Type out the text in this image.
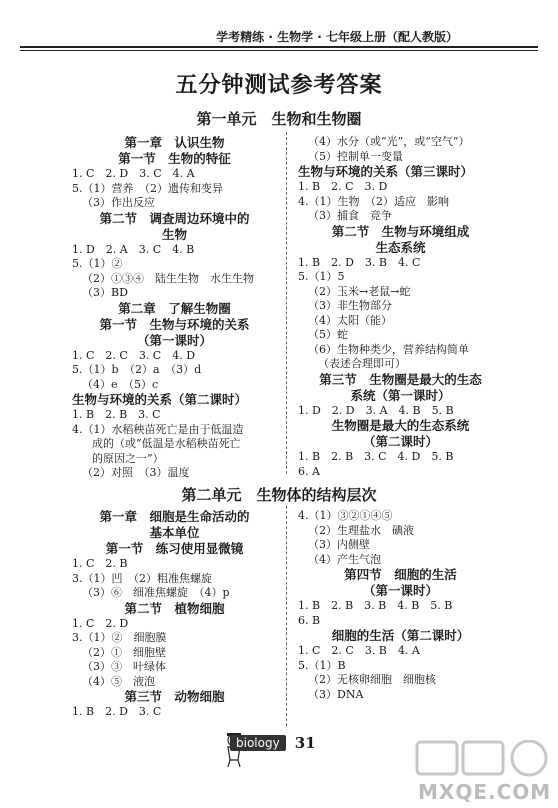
学考精练 · 生物学 · 七年级上册（配人教版）
五分钟测试参考答案
第一单元　生物和生物圈
第一章　认识生物
第一节　生物的特征
1. C　2. D　3. C　4. A
5.（1）营养　（2）遗传和变异
（3）作出反应
第二节　调查周边环境中的
生物
1. D　2. A　3. C　4. B
5.（1）②
（2）①③④　陆生生物　水生生物
（3）BD
第二章　了解生物圈
第一节　生物与环境的关系
（第一课时）
1. C　2. C　3. C　4. D
5.（1）b　（2）a　（3）d
（4）e　（5）c
生物与环境的关系（第二课时）
1. B　2. B　3. C
4.（1）水稻秧苗死亡是由于低温造
成的（或“低温是水稻秧苗死亡
的原因之一”）
（2）对照　（3）温度
（4）水分（或“光”，或“空气”）
（5）控制单一变量
生物与环境的关系（第三课时）
1. B　2. C　3. D
4.（1）生物　（2）适应　影响
（3）捕食　竞争
第二节　生物与环境组成
生态系统
1. B　2. D　3. B　4. C
5.（1）5
（2）玉米→老鼠→蛇
（3）非生物部分
（4）太阳（能）
（5）蛇
（6）生物种类少，营养结构简单
（表述合理即可）
第三节　生物圈是最大的生态
系统（第一课时）
1. D　2. D　3. A　4. B　5. B
生物圈是最大的生态系统
（第二课时）
1. B　2. B　3. C　4. D　5. B
6. A
第二单元　生物体的结构层次
第一章　细胞是生命活动的
基本单位
第一节　练习使用显微镜
1. C　2. B
3.（1）凹　（2）粗准焦螺旋
（3）⑥　细准焦螺旋　（4）p
第二节　植物细胞
1. C　2. D
3.（1）②　细胞膜
（2）①　细胞壁
（3）③　叶绿体
（4）⑤　液泡
第三节　动物细胞
1. B　2. D　3. C
4.（1）③②①④⑤
（2）生理盐水　碘液
（3）内侧壁
（4）产生气泡
第四节　细胞的生活
（第一课时）
1. B　2. B　3. B　4. B　5. B
6. B
细胞的生活（第二课时）
1. C　2. C　3. B　4. A
5.（1）B
（2）无核卵细胞　细胞核
（3）DNA
biology 31
MXQE.COM
